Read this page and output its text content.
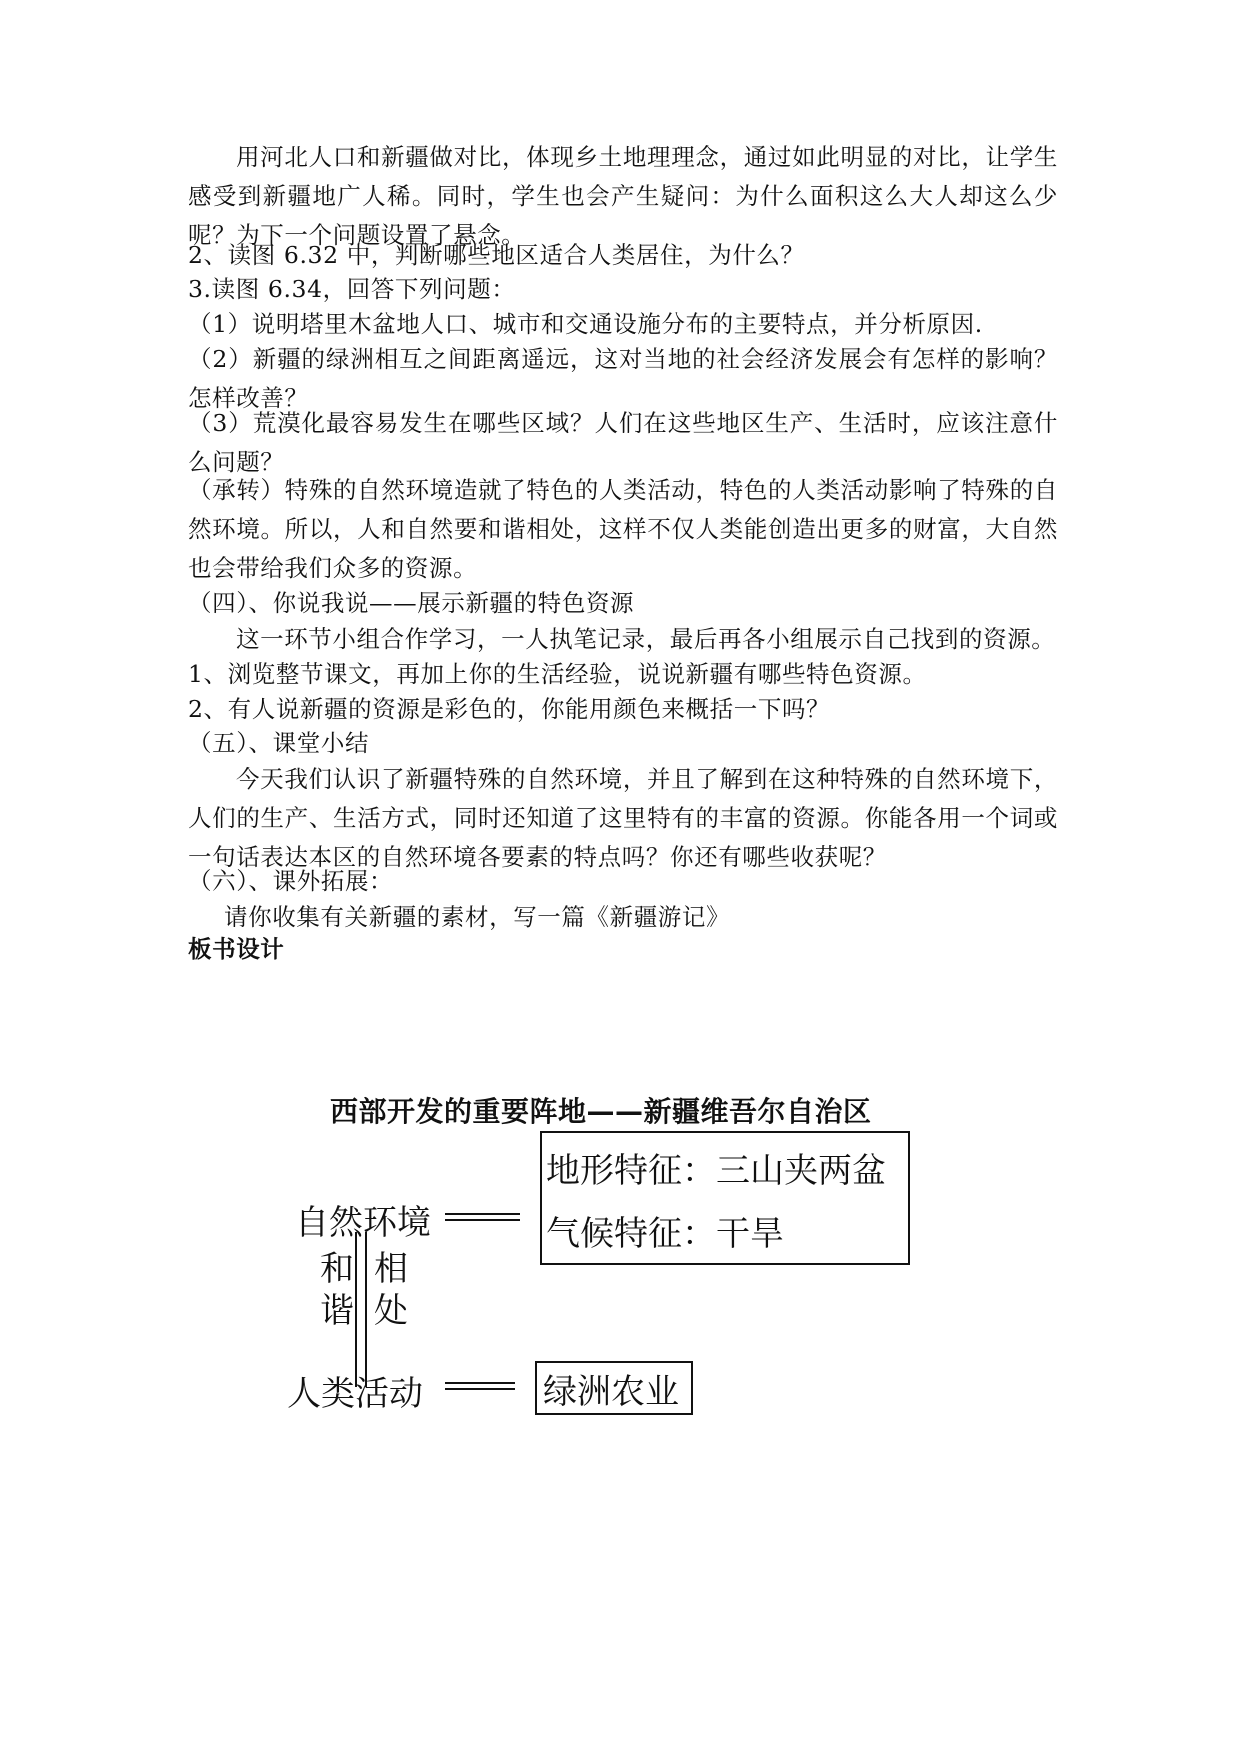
用河北人口和新疆做对比，体现乡土地理理念，通过如此明显的对比，让学生感受到新疆地广人稀。同时，学生也会产生疑问：为什么面积这么大人却这么少呢？为下一个问题设置了悬念。

2、读图 6.32 中，判断哪些地区适合人类居住，为什么？

3.读图 6.34，回答下列问题：

（1）说明塔里木盆地人口、城市和交通设施分布的主要特点，并分析原因.

（2）新疆的绿洲相互之间距离遥远，这对当地的社会经济发展会有怎样的影响？怎样改善？

（3）荒漠化最容易发生在哪些区域？人们在这些地区生产、生活时，应该注意什么问题？

（承转）特殊的自然环境造就了特色的人类活动，特色的人类活动影响了特殊的自然环境。所以，人和自然要和谐相处，这样不仅人类能创造出更多的财富，大自然也会带给我们众多的资源。

（四）、你说我说——展示新疆的特色资源

这一环节小组合作学习，一人执笔记录，最后再各小组展示自己找到的资源。

1、浏览整节课文，再加上你的生活经验，说说新疆有哪些特色资源。

2、有人说新疆的资源是彩色的，你能用颜色来概括一下吗？

（五）、课堂小结

今天我们认识了新疆特殊的自然环境，并且了解到在这种特殊的自然环境下，人们的生产、生活方式，同时还知道了这里特有的丰富的资源。你能各用一个词或一句话表达本区的自然环境各要素的特点吗？你还有哪些收获呢？

（六）、课外拓展：

请你收集有关新疆的素材，写一篇《新疆游记》

板书设计

西部开发的重要阵地——新疆维吾尔自治区
自然环境
地形特征：三山夹两盆
气候特征：干旱
和
谐
相
处
人类活动	绿洲农业
